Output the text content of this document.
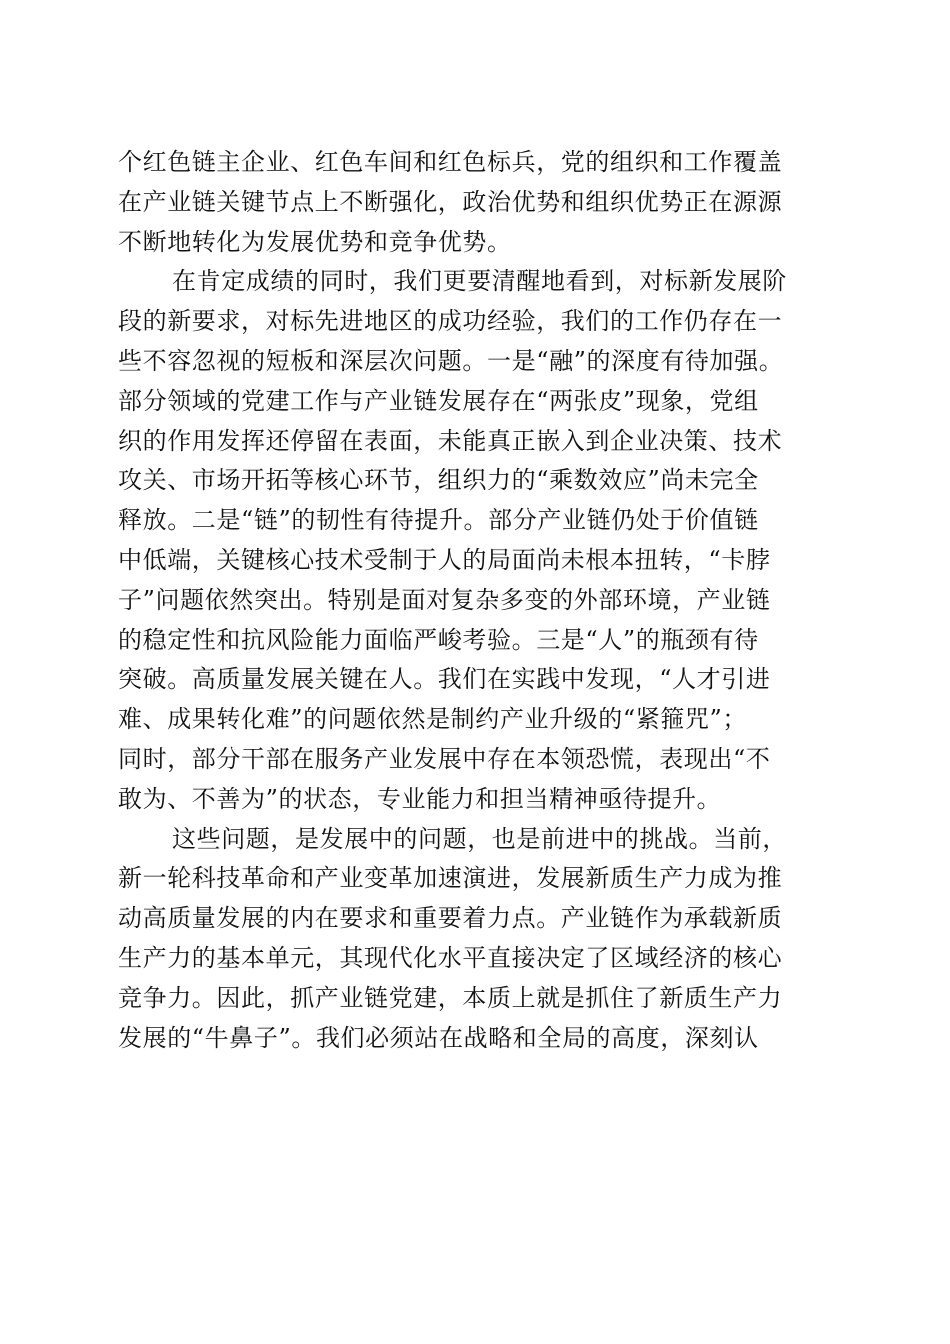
个红色链主企业、红色车间和红色标兵，党的组织和工作覆盖
在产业链关键节点上不断强化，政治优势和组织优势正在源源
不断地转化为发展优势和竞争优势。
在肯定成绩的同时，我们更要清醒地看到，对标新发展阶
段的新要求，对标先进地区的成功经验，我们的工作仍存在一
些不容忽视的短板和深层次问题。一是“融”的深度有待加强。
部分领域的党建工作与产业链发展存在“两张皮”现象，党组
织的作用发挥还停留在表面，未能真正嵌入到企业决策、技术
攻关、市场开拓等核心环节，组织力的“乘数效应”尚未完全
释放。二是“链”的韧性有待提升。部分产业链仍处于价值链
中低端，关键核心技术受制于人的局面尚未根本扭转，“卡脖
子”问题依然突出。特别是面对复杂多变的外部环境，产业链
的稳定性和抗风险能力面临严峻考验。三是“人”的瓶颈有待
突破。高质量发展关键在人。我们在实践中发现，“人才引进
难、成果转化难”的问题依然是制约产业升级的“紧箍咒”；
同时，部分干部在服务产业发展中存在本领恐慌，表现出“不
敢为、不善为”的状态，专业能力和担当精神亟待提升。
这些问题，是发展中的问题，也是前进中的挑战。当前，
新一轮科技革命和产业变革加速演进，发展新质生产力成为推
动高质量发展的内在要求和重要着力点。产业链作为承载新质
生产力的基本单元，其现代化水平直接决定了区域经济的核心
竞争力。因此，抓产业链党建，本质上就是抓住了新质生产力
发展的“牛鼻子”。我们必须站在战略和全局的高度，深刻认
